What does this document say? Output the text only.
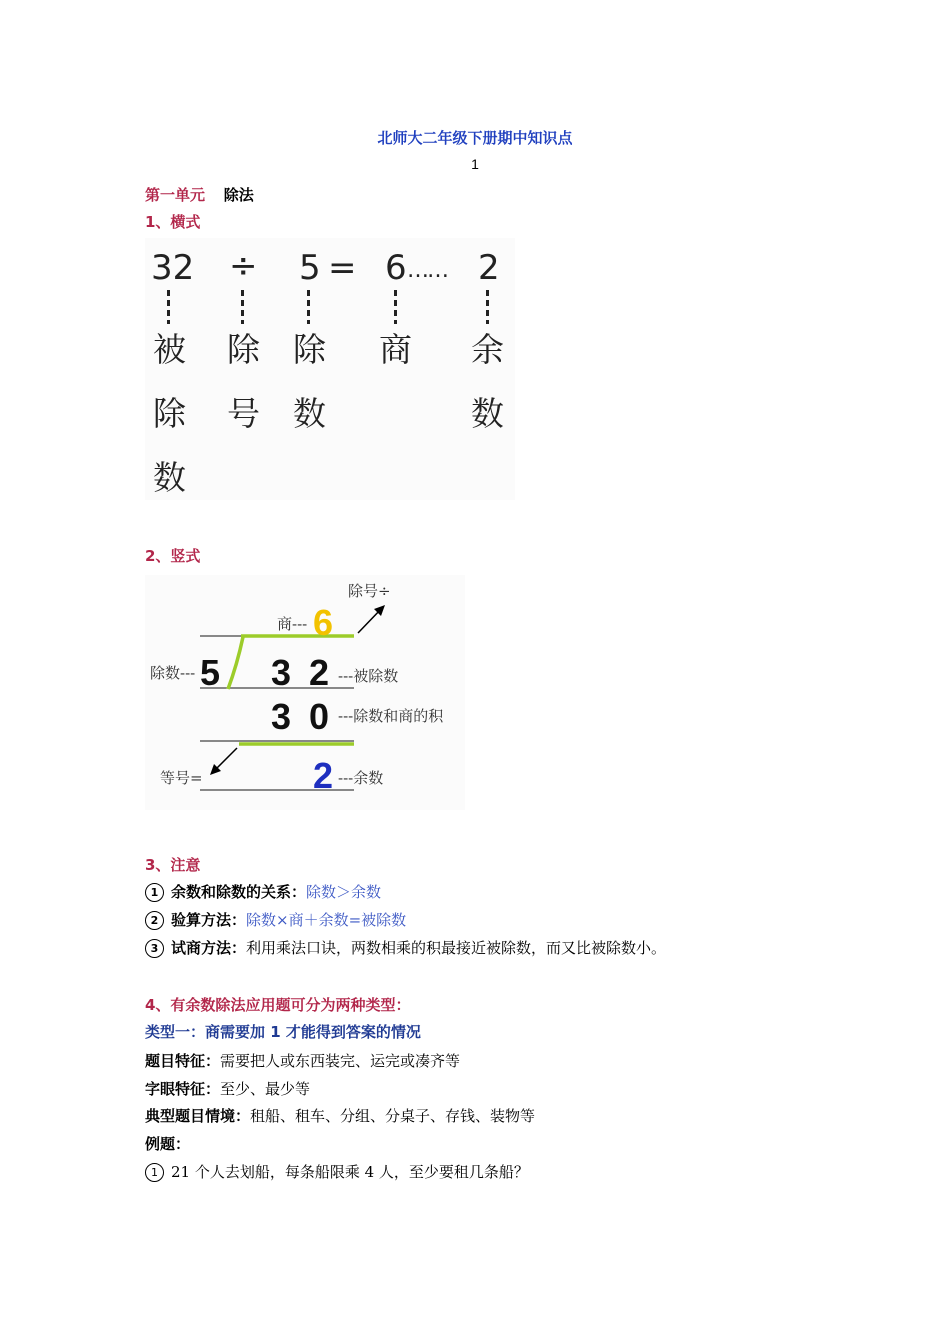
北师大二年级下册期中知识点
1
第一单元 除法
1、横式
32 ÷ 5 = 6 …… 2
被
除
数
除
号
除
数
商 余
数
2、竖式
除号÷
商--- 6
除数--- 5 3 2 ---被除数
3 0 ---除数和商的积
等号=	2 ---余数
3、注意
1 余数和除数的关系：除数＞余数
2 验算方法：除数×商＋余数=被除数
3 试商方法：利用乘法口诀，两数相乘的积最接近被除数，而又比被除数小。
4、有余数除法应用题可分为两种类型：
类型一：商需要加 1 才能得到答案的情况
题目特征：需要把人或东西装完、运完或凑齐等
字眼特征：至少、最少等
典型题目情境：租船、租车、分组、分桌子、存钱、装物等
例题：
1 21 个人去划船，每条船限乘 4 人，至少要租几条船？
